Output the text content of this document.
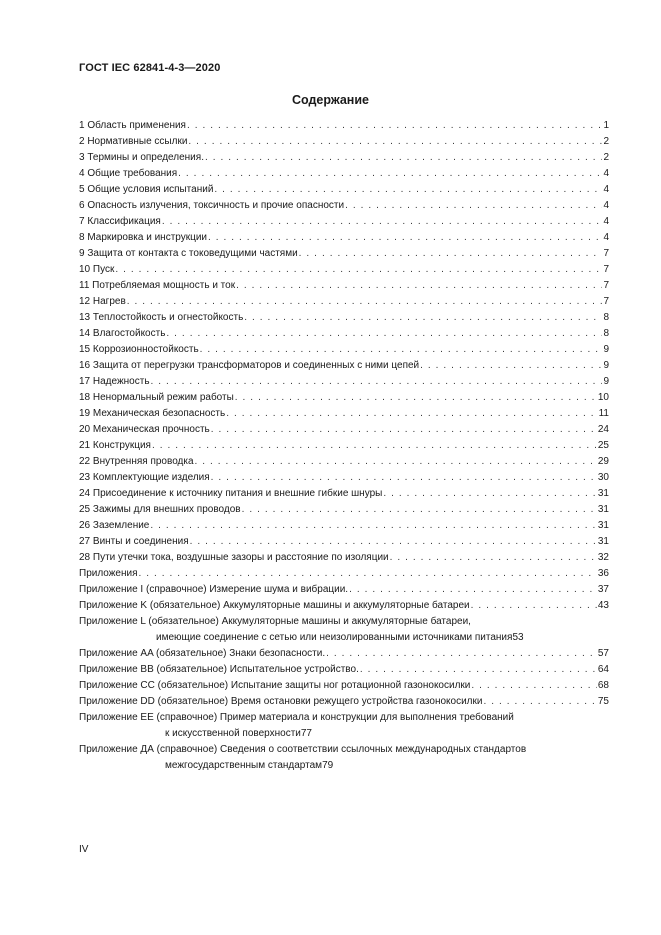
ГОСТ IEC 62841-4-3—2020
Содержание
1 Область применения . . .	1
2 Нормативные ссылки . . .	2
3 Термины и определения. . . .	2
4 Общие требования . . .	4
5 Общие условия испытаний . . .	4
6 Опасность излучения, токсичность и прочие опасности . . .	4
7 Классификация . . .	4
8 Маркировка и инструкции . . .	4
9 Защита от контакта с токоведущими частями . . .	7
10 Пуск . . .	7
11 Потребляемая мощность и ток . . .	7
12 Нагрев . . .	7
13 Теплостойкость и огнестойкость . . .	8
14 Влагостойкость . . .	8
15 Коррозионностойкость . . .	9
16 Защита от перегрузки трансформаторов и соединенных с ними цепей . . .	9
17 Надежность . . .	9
18 Ненормальный режим работы . . .	10
19 Механическая безопасность . . .	11
20 Механическая прочность . . .	24
21 Конструкция . . .	25
22 Внутренняя проводка . . .	29
23 Комплектующие изделия . . .	30
24 Присоединение к источнику питания и внешние гибкие шнуры . . .	31
25 Зажимы для внешних проводов . . .	31
26 Заземление . . .	31
27 Винты и соединения . . .	31
28 Пути утечки тока, воздушные зазоры и расстояние по изоляции . . .	32
Приложения . . .	36
Приложение I (справочное) Измерение шума и вибрации. . . .	37
Приложение K (обязательное) Аккумуляторные машины и аккумуляторные батареи . . .	43
Приложение L (обязательное) Аккумуляторные машины и аккумуляторные батареи,
имеющие соединение с сетью или неизолированными источниками питания 53
Приложение AA (обязательное) Знаки безопасности. . . .	57
Приложение BB (обязательное) Испытательное устройство. . . .	64
Приложение CC (обязательное) Испытание защиты ног ротационной газонокосилки . . .	68
Приложение DD (обязательное) Время остановки режущего устройства газонокосилки . . .	75
Приложение EE (справочное) Пример материала и конструкции для выполнения требований
к искусственной поверхности 77
Приложение ДА (справочное) Сведения о соответствии ссылочных международных стандартов
межгосударственным стандартам 79
IV
